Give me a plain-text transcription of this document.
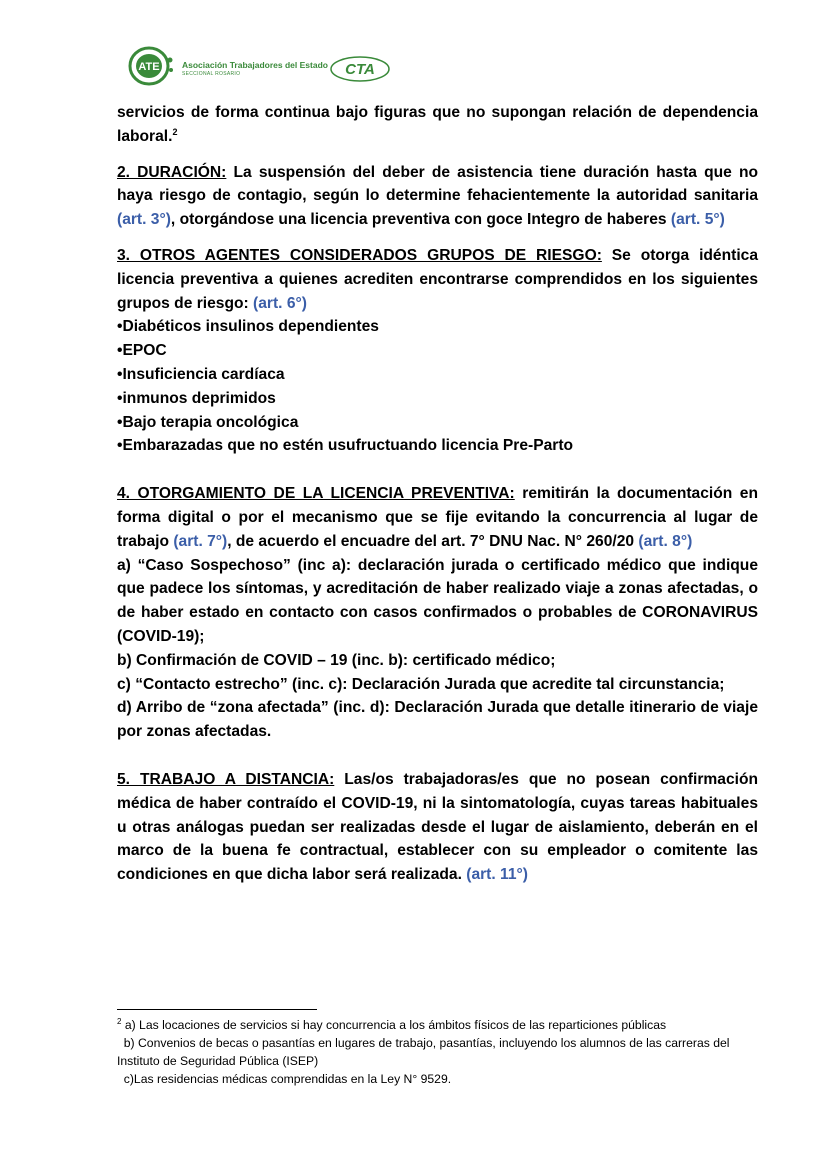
ATE	Asociación Trabajadores del Estado
SECCIONAL ROSARIO	CTA

servicios de forma continua bajo figuras que no supongan relación de dependencia laboral.$^2$

2. DURACIÓN: La suspensión del deber de asistencia tiene duración hasta que no haya riesgo de contagio, según lo determine fehacientemente la autoridad sanitaria (art. 3°), otorgándose una licencia preventiva con goce Integro de haberes (art. 5°)

3. OTROS AGENTES CONSIDERADOS GRUPOS DE RIESGO: Se otorga idéntica licencia preventiva a quienes acrediten encontrarse comprendidos en los siguientes grupos de riesgo: (art. 6°)

•Diabéticos insulinos dependientes
•EPOC
•Insuficiencia cardíaca
•inmunos deprimidos
•Bajo terapia oncológica
•Embarazadas que no estén usufructuando licencia Pre-Parto

4. OTORGAMIENTO DE LA LICENCIA PREVENTIVA: remitirán la documentación en forma digital o por el mecanismo que se fije evitando la concurrencia al lugar de trabajo (art. 7°), de acuerdo el encuadre del art. 7° DNU Nac. N° 260/20 (art. 8°)

a) “Caso Sospechoso” (inc a): declaración jurada o certificado médico que indique que padece los síntomas, y acreditación de haber realizado viaje a zonas afectadas, o de haber estado en contacto con casos confirmados o probables de CORONAVIRUS (COVID-19);

b) Confirmación de COVID – 19 (inc. b): certificado médico;

c) “Contacto estrecho” (inc. c): Declaración Jurada que acredite tal circunstancia;

d) Arribo de “zona afectada” (inc. d): Declaración Jurada que detalle itinerario de viaje por zonas afectadas.

5. TRABAJO A DISTANCIA: Las/os trabajadoras/es que no posean confirmación médica de haber contraído el COVID-19, ni la sintomatología, cuyas tareas habituales u otras análogas puedan ser realizadas desde el lugar de aislamiento, deberán en el marco de la buena fe contractual, establecer con su empleador o comitente las condiciones en que dicha labor será realizada. (art. 11°)

$^2$ a) Las locaciones de servicios si hay concurrencia a los ámbitos físicos de las reparticiones públicas

b) Convenios de becas o pasantías en lugares de trabajo, pasantías, incluyendo los alumnos de las carreras del Instituto de Seguridad Pública (ISEP)

c)Las residencias médicas comprendidas en la Ley N° 9529.
